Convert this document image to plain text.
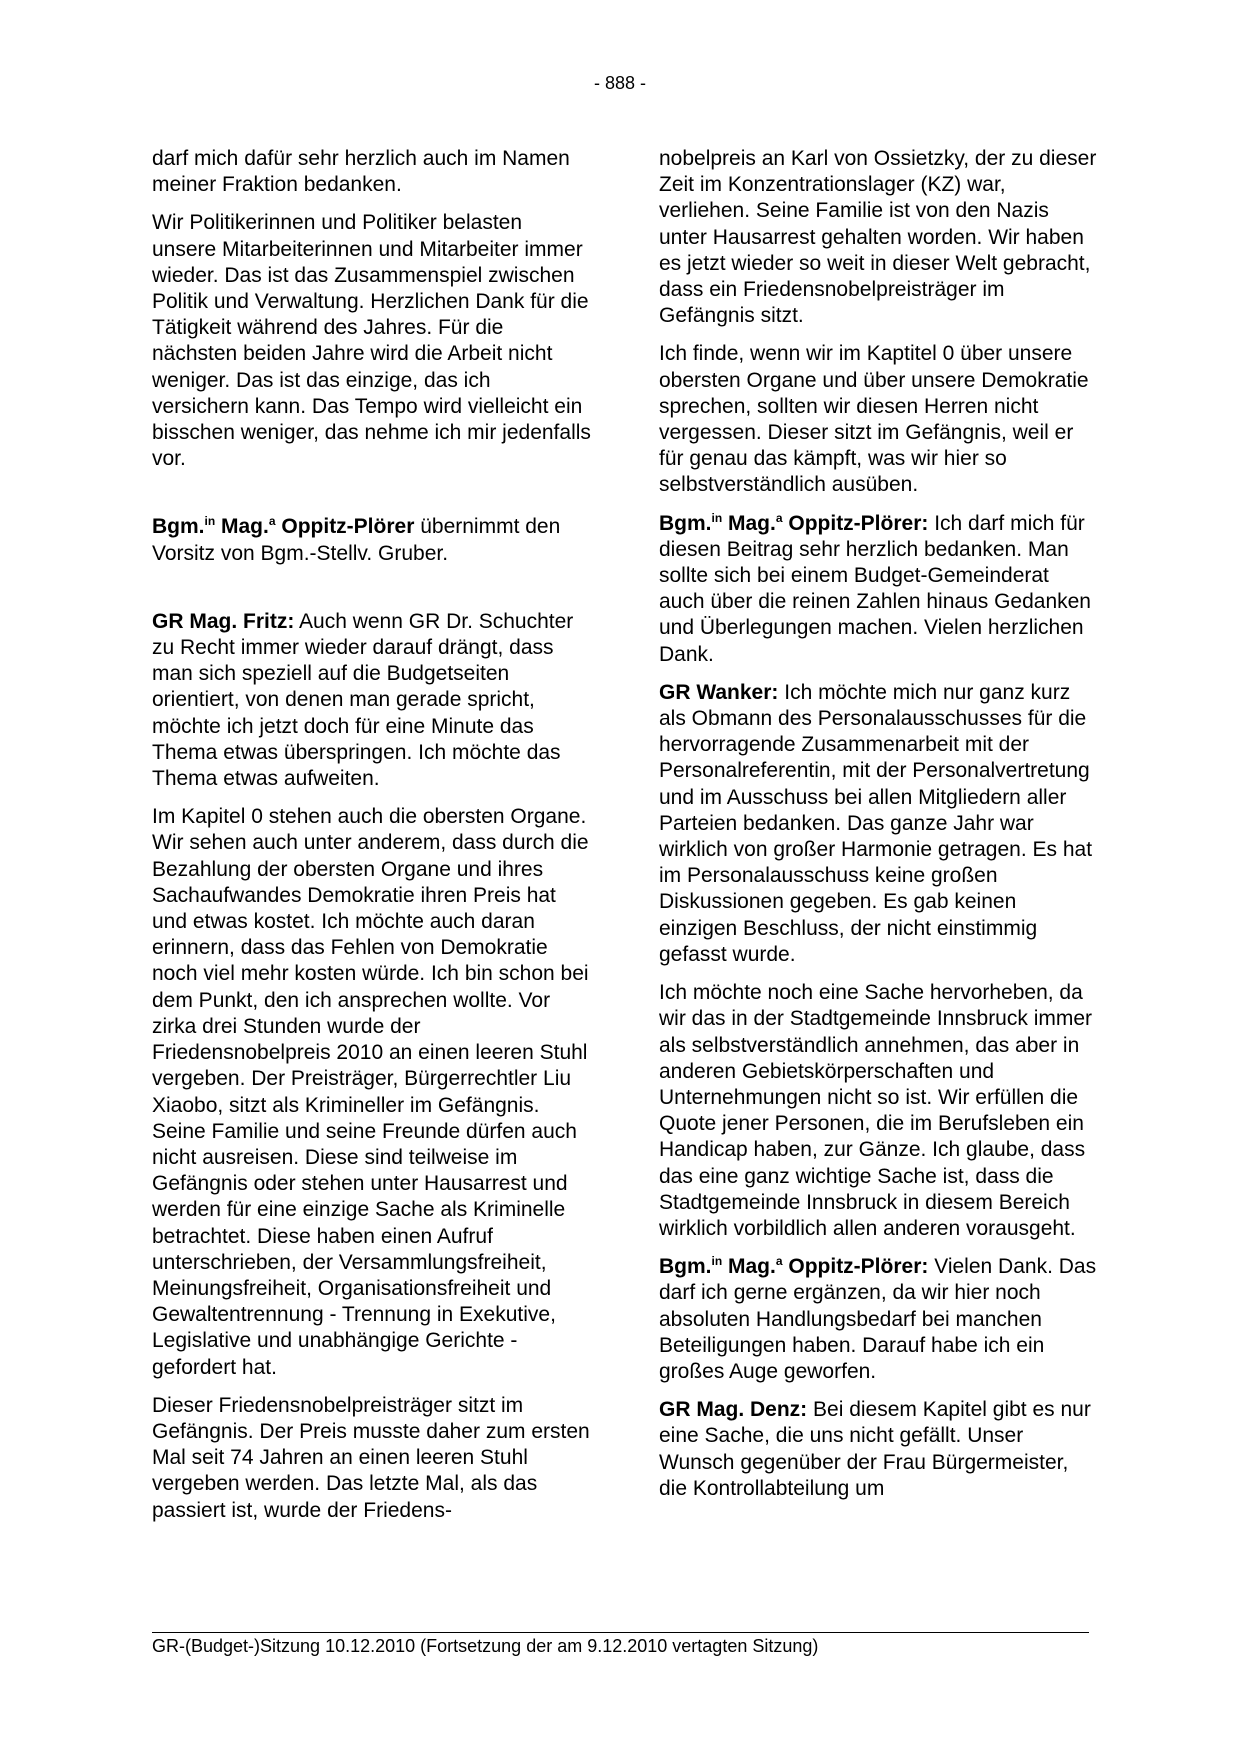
- 888 -

darf mich dafür sehr herzlich auch im Namen meiner Fraktion bedanken.

Wir Politikerinnen und Politiker belasten unsere Mitarbeiterinnen und Mitarbeiter immer wieder. Das ist das Zusammenspiel zwischen Politik und Verwaltung. Herzlichen Dank für die Tätigkeit während des Jahres. Für die nächsten beiden Jahre wird die Arbeit nicht weniger. Das ist das einzige, das ich versichern kann. Das Tempo wird vielleicht ein bisschen weniger, das nehme ich mir jedenfalls vor.

Bgm.$^{in}$ Mag.$^a$ Oppitz-Plörer übernimmt den Vorsitz von Bgm.-Stellv. Gruber.

GR Mag. Fritz: Auch wenn GR Dr. Schuchter zu Recht immer wieder darauf drängt, dass man sich speziell auf die Budgetseiten orientiert, von denen man gerade spricht, möchte ich jetzt doch für eine Minute das Thema etwas überspringen. Ich möchte das Thema etwas aufweiten.

Im Kapitel 0 stehen auch die obersten Organe. Wir sehen auch unter anderem, dass durch die Bezahlung der obersten Organe und ihres Sachaufwandes Demokratie ihren Preis hat und etwas kostet. Ich möchte auch daran erinnern, dass das Fehlen von Demokratie noch viel mehr kosten würde. Ich bin schon bei dem Punkt, den ich ansprechen wollte. Vor zirka drei Stunden wurde der Friedensnobelpreis 2010 an einen leeren Stuhl vergeben. Der Preisträger, Bürgerrechtler Liu Xiaobo, sitzt als Krimineller im Gefängnis. Seine Familie und seine Freunde dürfen auch nicht ausreisen. Diese sind teilweise im Gefängnis oder stehen unter Hausarrest und werden für eine einzige Sache als Kriminelle betrachtet. Diese haben einen Aufruf unterschrieben, der Versammlungsfreiheit, Meinungsfreiheit, Organisationsfreiheit und Gewaltentrennung - Trennung in Exekutive, Legislative und unabhängige Gerichte - gefordert hat.

Dieser Friedensnobelpreisträger sitzt im Gefängnis. Der Preis musste daher zum ersten Mal seit 74 Jahren an einen leeren Stuhl vergeben werden. Das letzte Mal, als das passiert ist, wurde der Friedens-

nobelpreis an Karl von Ossietzky, der zu dieser Zeit im Konzentrationslager (KZ) war, verliehen. Seine Familie ist von den Nazis unter Hausarrest gehalten worden. Wir haben es jetzt wieder so weit in dieser Welt gebracht, dass ein Friedensnobelpreisträger im Gefängnis sitzt.

Ich finde, wenn wir im Kaptitel 0 über unsere obersten Organe und über unsere Demokratie sprechen, sollten wir diesen Herren nicht vergessen. Dieser sitzt im Gefängnis, weil er für genau das kämpft, was wir hier so selbstverständlich ausüben.

Bgm.$^{in}$ Mag.$^a$ Oppitz-Plörer: Ich darf mich für diesen Beitrag sehr herzlich bedanken. Man sollte sich bei einem Budget-Gemeinderat auch über die reinen Zahlen hinaus Gedanken und Überlegungen machen. Vielen herzlichen Dank.

GR Wanker: Ich möchte mich nur ganz kurz als Obmann des Personalausschusses für die hervorragende Zusammenarbeit mit der Personalreferentin, mit der Personalvertretung und im Ausschuss bei allen Mitgliedern aller Parteien bedanken. Das ganze Jahr war wirklich von großer Harmonie getragen. Es hat im Personalausschuss keine großen Diskussionen gegeben. Es gab keinen einzigen Beschluss, der nicht einstimmig gefasst wurde.

Ich möchte noch eine Sache hervorheben, da wir das in der Stadtgemeinde Innsbruck immer als selbstverständlich annehmen, das aber in anderen Gebietskörperschaften und Unternehmungen nicht so ist. Wir erfüllen die Quote jener Personen, die im Berufsleben ein Handicap haben, zur Gänze. Ich glaube, dass das eine ganz wichtige Sache ist, dass die Stadtgemeinde Innsbruck in diesem Bereich wirklich vorbildlich allen anderen vorausgeht.

Bgm.$^{in}$ Mag.$^a$ Oppitz-Plörer: Vielen Dank. Das darf ich gerne ergänzen, da wir hier noch absoluten Handlungsbedarf bei manchen Beteiligungen haben. Darauf habe ich ein großes Auge geworfen.

GR Mag. Denz: Bei diesem Kapitel gibt es nur eine Sache, die uns nicht gefällt. Unser Wunsch gegenüber der Frau Bürgermeister, die Kontrollabteilung um

GR-(Budget-)Sitzung 10.12.2010 (Fortsetzung der am 9.12.2010 vertagten Sitzung)
